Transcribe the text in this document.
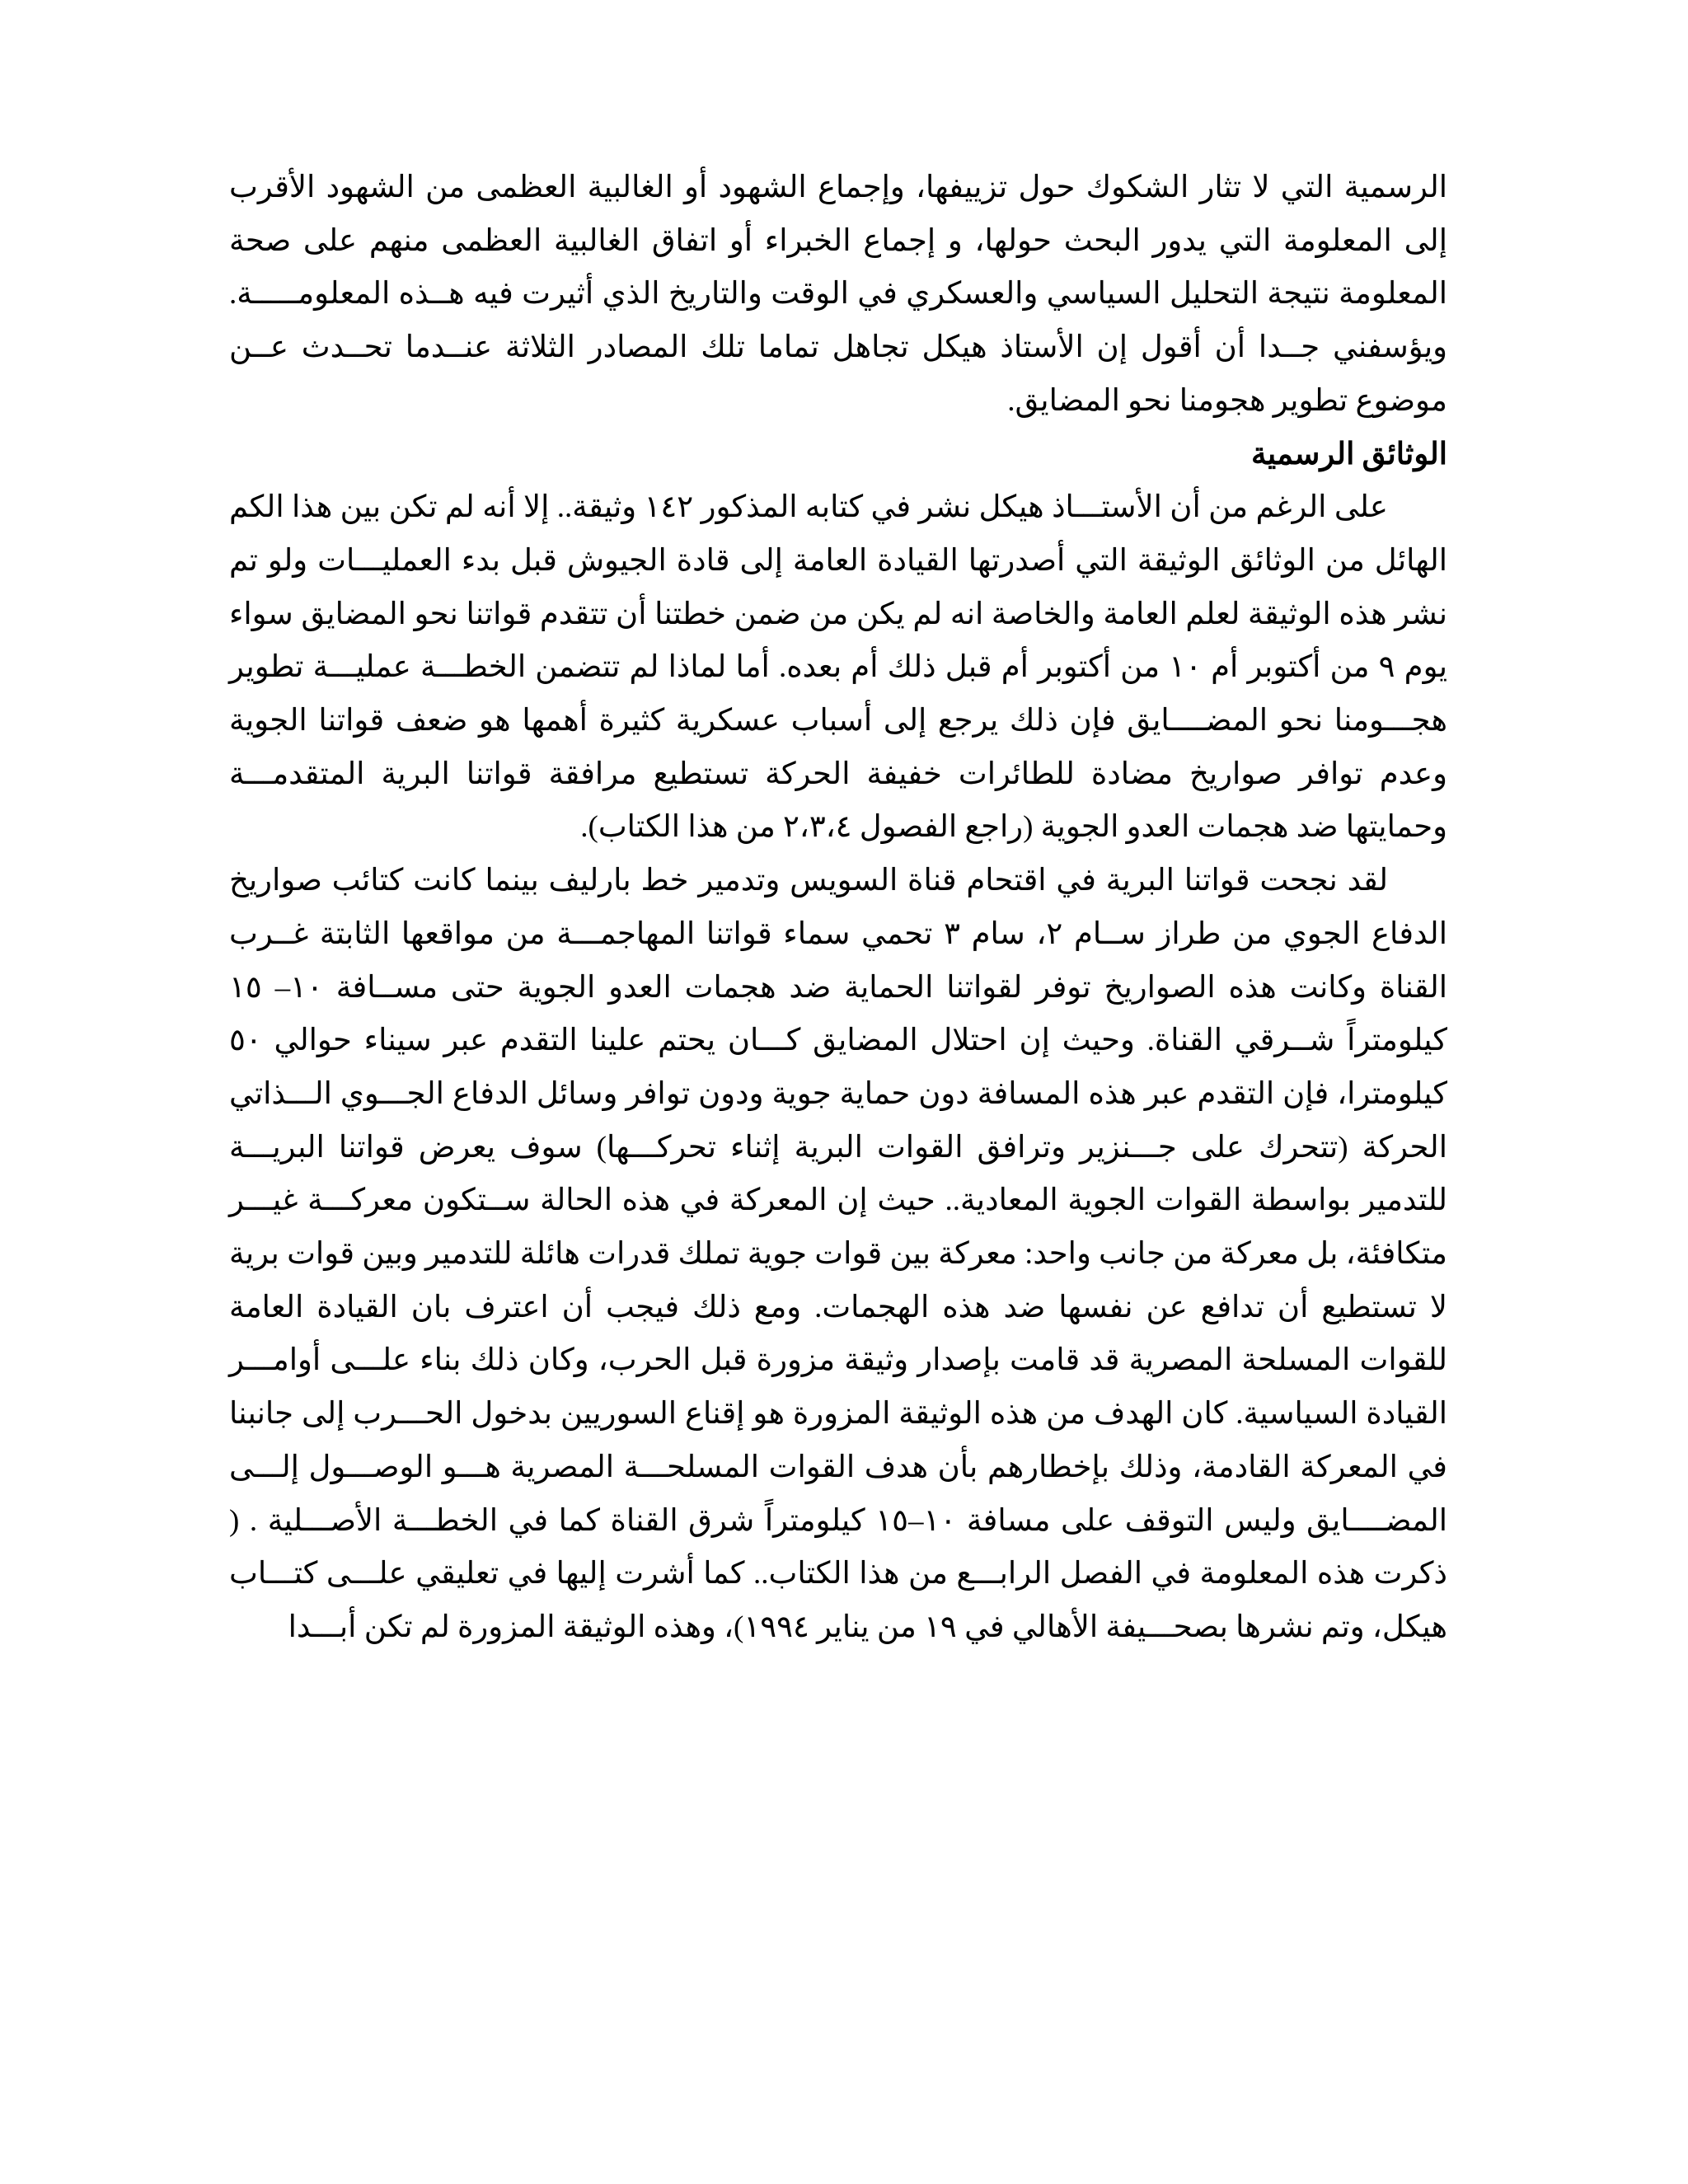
الرسمية التي لا تثار الشكوك حول تزييفها، وإجماع الشهود أو الغالبية العظمى من الشهود الأقرب إلى المعلومة التي يدور البحث حولها، و إجماع الخبراء أو اتفاق الغالبية العظمى منهم على صحة المعلومة نتيجة التحليل السياسي والعسكري في الوقت والتاريخ الذي أثيرت فيه هــذه المعلومـــــة. ويؤسفني جــدا أن أقول إن الأستاذ هيكل تجاهل تماما تلك المصادر الثلاثة عنــدما تحــدث عــن موضوع تطوير هجومنا نحو المضايق.

الوثائق الرسمية

على الرغم من أن الأستـــاذ هيكل نشر في كتابه المذكور ١٤٢ وثيقة.. إلا أنه لم تكن بين هذا الكم الهائل من الوثائق الوثيقة التي أصدرتها القيادة العامة إلى قادة الجيوش قبل بدء العمليـــات ولو تم نشر هذه الوثيقة لعلم العامة والخاصة انه لم يكن من ضمن خطتنا أن تتقدم قواتنا نحو المضايق سواء يوم ٩ من أكتوبر أم ١٠ من أكتوبر أم قبل ذلك أم بعده. أما لماذا لم تتضمن الخطـــة عمليـــة تطوير هجـــومنا نحو المضــــايق فإن ذلك يرجع إلى أسباب عسكرية كثيرة أهمها هو ضعف قواتنا الجوية وعدم توافر صواريخ مضادة للطائرات خفيفة الحركة تستطيع مرافقة قواتنا البرية المتقدمـــة وحمايتها ضد هجمات العدو الجوية (راجع الفصول ٢،٣،٤ من هذا الكتاب).

لقد نجحت قواتنا البرية في اقتحام قناة السويس وتدمير خط بارليف بينما كانت كتائب صواريخ الدفاع الجوي من طراز ســام ٢، سام ٣ تحمي سماء قواتنا المهاجمـــة من مواقعها الثابتة غــرب القناة وكانت هذه الصواريخ توفر لقواتنا الحماية ضد هجمات العدو الجوية حتى مســافة ١٠– ١٥ كيلومتراً شــرقي القناة. وحيث إن احتلال المضايق كـــان يحتم علينا التقدم عبر سيناء حوالي ٥٠ كيلومترا، فإن التقدم عبر هذه المسافة دون حماية جوية ودون توافر وسائل الدفاع الجـــوي الـــذاتي الحركة (تتحرك على جـــنزير وترافق القوات البرية إثناء تحركـــها) سوف يعرض قواتنا البريـــة للتدمير بواسطة القوات الجوية المعادية.. حيث إن المعركة في هذه الحالة ســتكون معركـــة غيـــر متكافئة، بل معركة من جانب واحد: معركة بين قوات جوية تملك قدرات هائلة للتدمير وبين قوات برية لا تستطيع أن تدافع عن نفسها ضد هذه الهجمات. ومع ذلك فيجب أن اعترف بان القيادة العامة للقوات المسلحة المصرية قد قامت بإصدار وثيقة مزورة قبل الحرب، وكان ذلك بناء علـــى أوامـــر القيادة السياسية. كان الهدف من هذه الوثيقة المزورة هو إقناع السوريين بدخول الحـــرب إلى جانبنا في المعركة القادمة، وذلك بإخطارهم بأن هدف القوات المسلحـــة المصرية هـــو الوصـــول إلـــى المضــــايق وليس التوقف على مسافة ١٠–١٥ كيلومتراً شرق القناة كما في الخطـــة الأصـــلية . ( ذكرت هذه المعلومة في الفصل الرابـــع من هذا الكتاب.. كما أشرت إليها في تعليقي علـــى كتـــاب هيكل، وتم نشرها بصحـــيفة الأهالي في ١٩ من يناير ١٩٩٤)، وهذه الوثيقة المزورة لم تكن أبـــدا
